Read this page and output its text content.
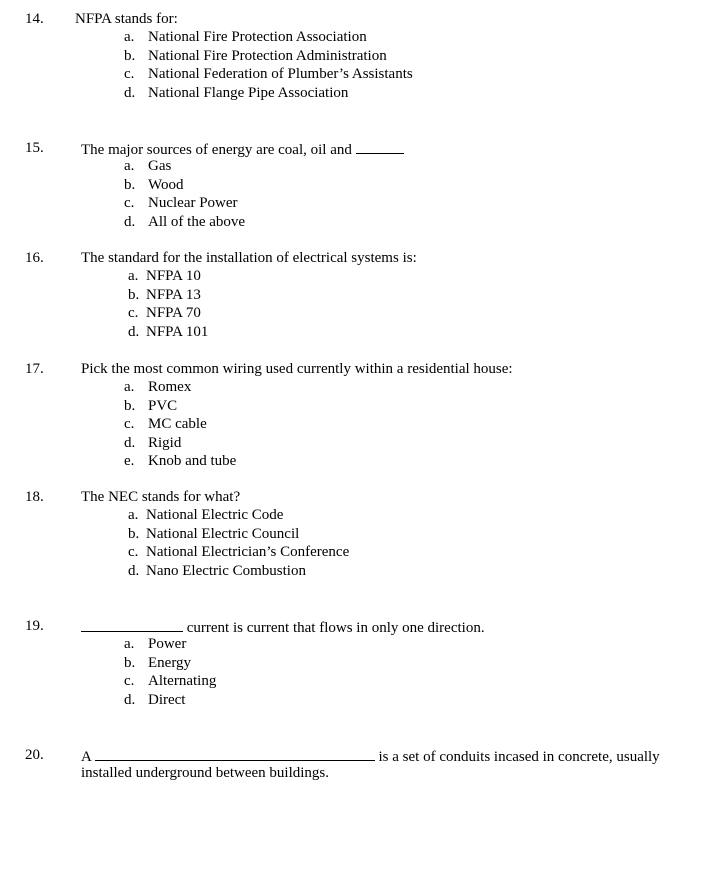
14. NFPA stands for:
a. National Fire Protection Association
b. National Fire Protection Administration
c. National Federation of Plumber’s Assistants
d. National Flange Pipe Association
15. The major sources of energy are coal, oil and
a. Gas
b. Wood
c. Nuclear Power
d. All of the above
16. The standard for the installation of electrical systems is:
a. NFPA 10
b. NFPA 13
c. NFPA 70
d. NFPA 101
17. Pick the most common wiring used currently within a residential house:
a. Romex
b. PVC
c. MC cable
d. Rigid
e. Knob and tube
18. The NEC stands for what?
a. National Electric Code
b. National Electric Council
c. National Electrician’s Conference
d. Nano Electric Combustion
19.	current is current that flows in only one direction.
a. Power
b. Energy
c. Alternating
d. Direct
20. A	is a set of conduits incased in concrete, usually
installed underground between buildings.
